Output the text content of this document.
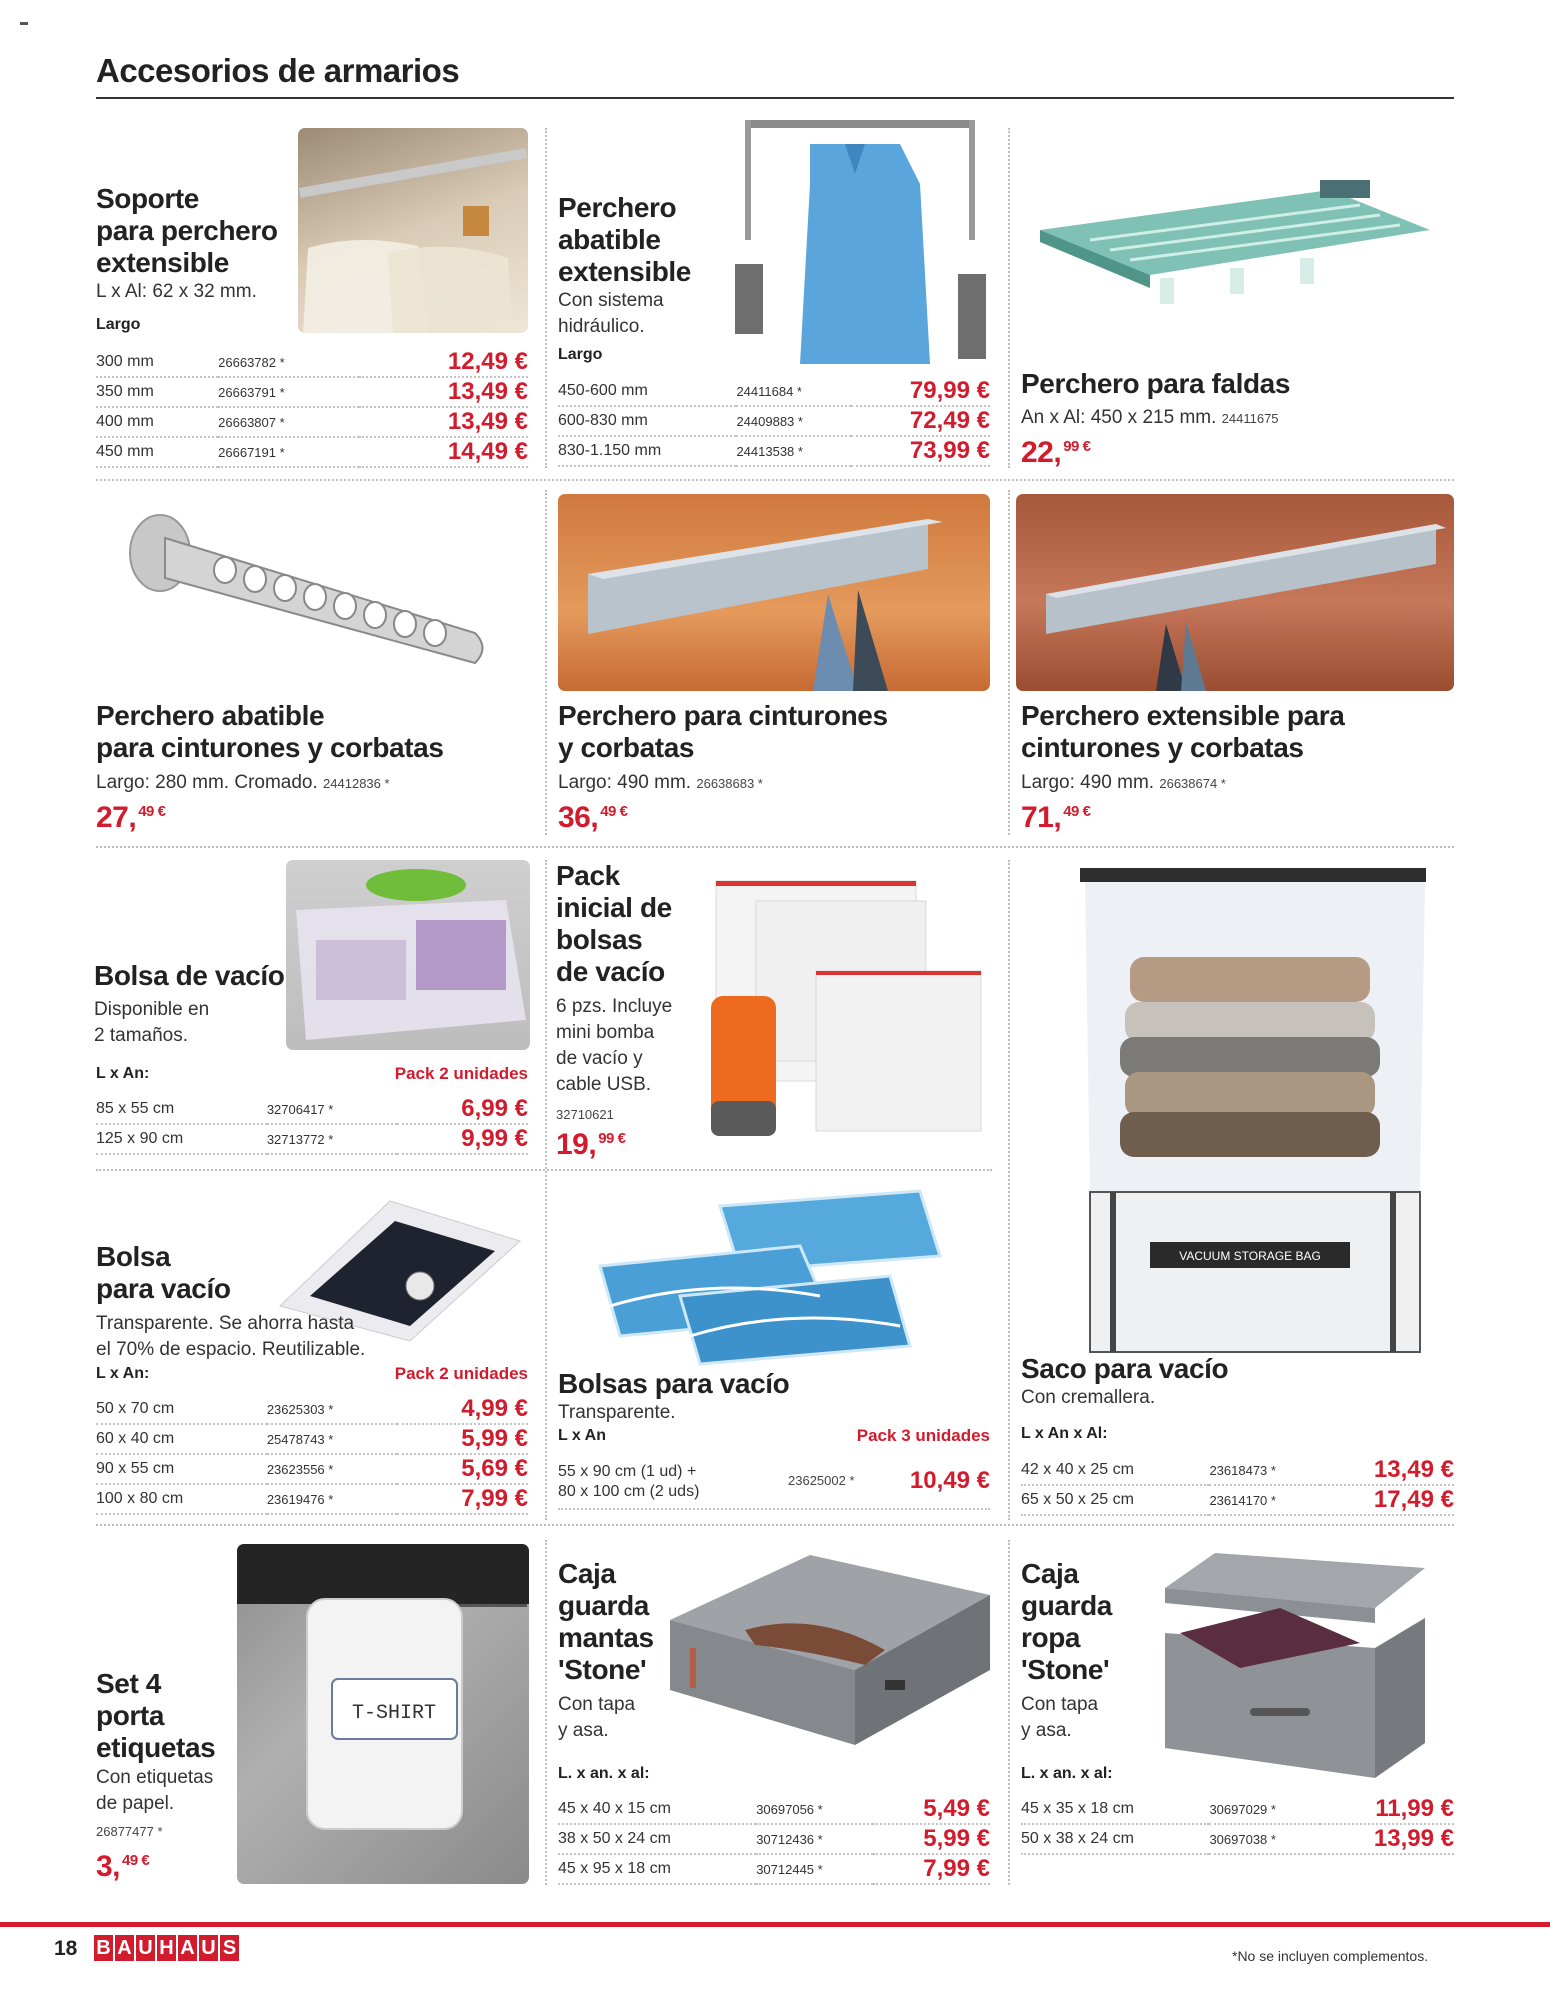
Accesorios de armarios
Soporte
para perchero
extensible
L x Al: 62 x 32 mm.
Largo
300 mm	26663782 *	12,49 €
350 mm	26663791 *	13,49 €
400 mm	26663807 *	13,49 €
450 mm	26667191 *	14,49 €
Perchero
abatible
extensible
Con sistema
hidráulico.
Largo
450-600 mm	24411684 *	79,99 €
600-830 mm	24409883 *	72,49 €
830-1.150 mm	24413538 *	73,99 €
Perchero para faldas
An x Al: 450 x 215 mm. 24411675
22, $^{99 €}$
Perchero abatible
para cinturones y corbatas
Largo: 280 mm. Cromado. 24412836 *
27, $^{49 €}$
Perchero para cinturones
y corbatas
Largo: 490 mm. 26638683 *
36, $^{49 €}$
Perchero extensible para
cinturones y corbatas
Largo: 490 mm. 26638674 *
71, $^{49 €}$
Bolsa de vacío
Disponible en
2 tamaños.
L x An:	Pack 2 unidades
85 x 55 cm	32706417 *	6,99 €
125 x 90 cm	32713772 *	9,99 €
Pack
inicial de
bolsas
de vacío
6 pzs. Incluye
mini bomba
de vacío y
cable USB.
32710621
19, $^{99 €}$
VACUUM STORAGE BAG
Saco para vacío
Con cremallera.
L x An x Al:
42 x 40 x 25 cm	23618473 *	13,49 €
65 x 50 x 25 cm	23614170 *	17,49 €
Bolsa
para vacío
Transparente. Se ahorra hasta
el 70% de espacio. Reutilizable.
L x An:	Pack 2 unidades
50 x 70 cm	23625303 *	4,99 €
60 x 40 cm	25478743 *	5,99 €
90 x 55 cm	23623556 *	5,69 €
100 x 80 cm	23619476 *	7,99 €
Bolsas para vacío
Transparente.
L x An	Pack 3 unidades
55 x 90 cm (1 ud) +
80 x 100 cm (2 uds)
23625002 * 10,49 €
T-SHIRT
Set 4
porta
etiquetas
Con etiquetas
de papel.
26877477 *
3, $^{49 €}$
Caja
guarda
mantas
'Stone'
Con tapa
y asa.
L. x an. x al:
45 x 40 x 15 cm	30697056 *	5,49 €
38 x 50 x 24 cm	30712436 *	5,99 €
45 x 95 x 18 cm	30712445 *	7,99 €
Caja
guarda
ropa
'Stone'
Con tapa
y asa.
L. x an. x al:
45 x 35 x 18 cm	30697029 *	11,99 €
50 x 38 x 24 cm	30697038 *	13,99 €
18 B A U H A U S	*No se incluyen complementos.
